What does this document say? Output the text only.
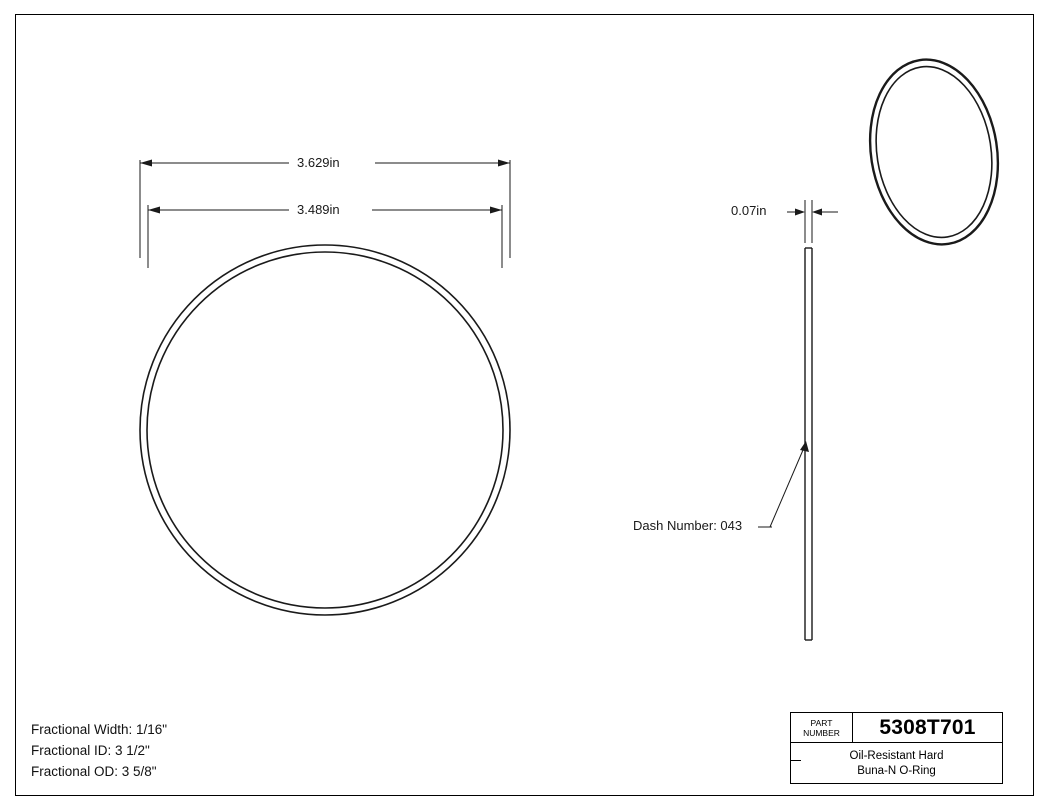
3.629in
3.489in	0.07in
Dash Number: 043
Fractional Width: 1/16"
Fractional ID: 3 1/2"
Fractional OD: 3 5/8"
PART
NUMBER	5308T701
Oil-Resistant Hard
Buna-N O-Ring
